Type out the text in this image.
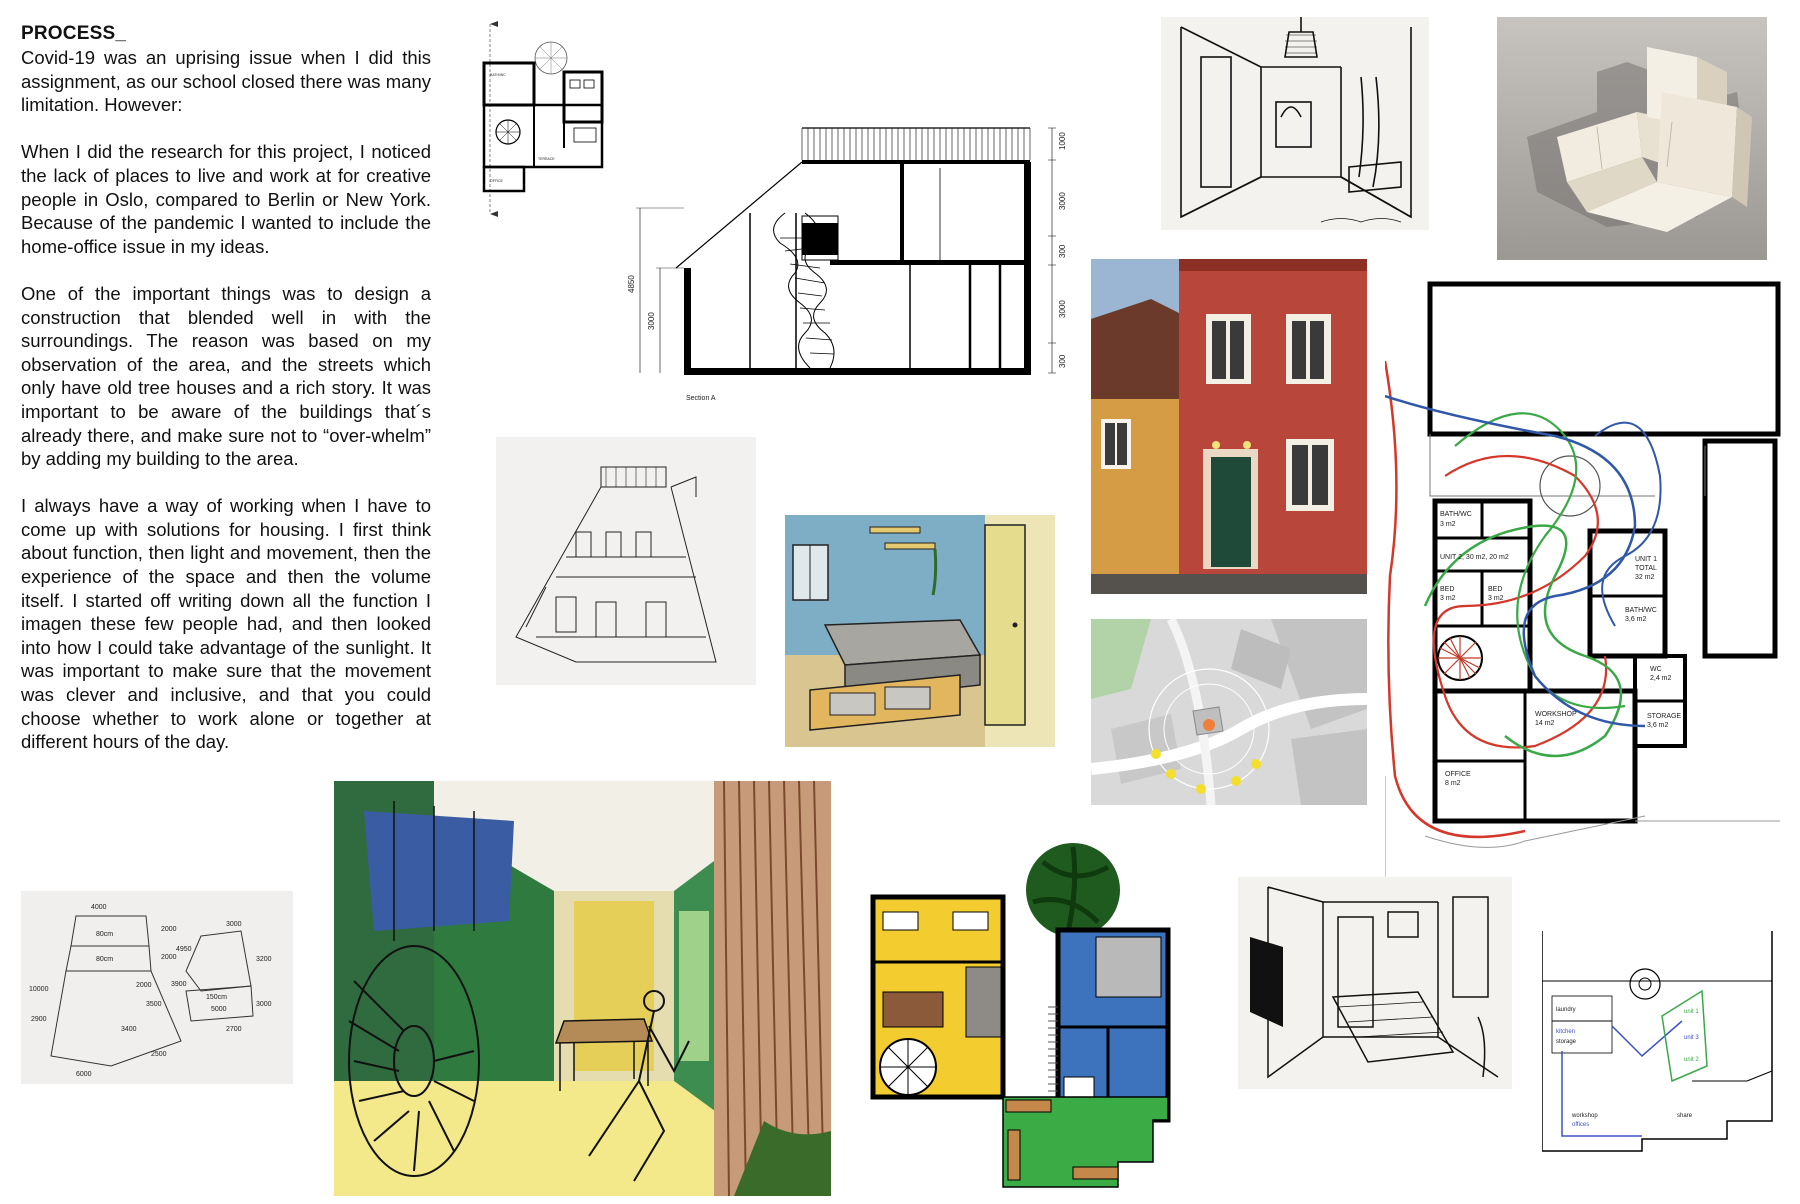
PROCESS_

Covid-19 was an uprising issue when I did this assignment, as our school closed there was many limitation. However:

When I did the research for this project, I noticed the lack of places to live and work at for creative people in Oslo, compared to Berlin or New York. Because of the pandemic I wanted to include the home-office issue in my ideas.

One of the important things was to design a construction that blended well in with the surroundings. The reason was based on my observation of the area, and the streets which only have old tree houses and a rich story. It was important to be aware of the buildings that´s already there, and make sure not to “over-whelm” by adding my building to the area.

I always have a way of working when I have to come up with solutions for housing. I first think about function, then light and movement, then the experience of the space and then the volume itself. I started off writing down all the function I imagen these few people had, and then looked into how I could take advantage of the sunlight. It was important to make sure that the movement was clever and inclusive, and that you could choose whether to work alone or together at different hours of the day.

BATH/WC
TERRACE
OFFICE
4850
3000
1000
3000
300
3000
300
Section A
BATH/WC
3 m2
UNIT 2, 30 m2, 20 m2
BED
3 m2
BED
3 m2
UNIT 1
TOTAL
32 m2
BATH/WC
3,6 m2
WC
2,4 m2
WORKSHOP
14 m2
STORAGE
3,6 m2
OFFICE
8 m2
4000
2000
80cm
2000
2000
80cm
10000
3500
5000
3000
3200
6000
4950
2500
3000
2700
150cm
3900
2900
3400
laundry
kitchen
storage
unit 1
unit 3
unit 2
workshop
offices
share
